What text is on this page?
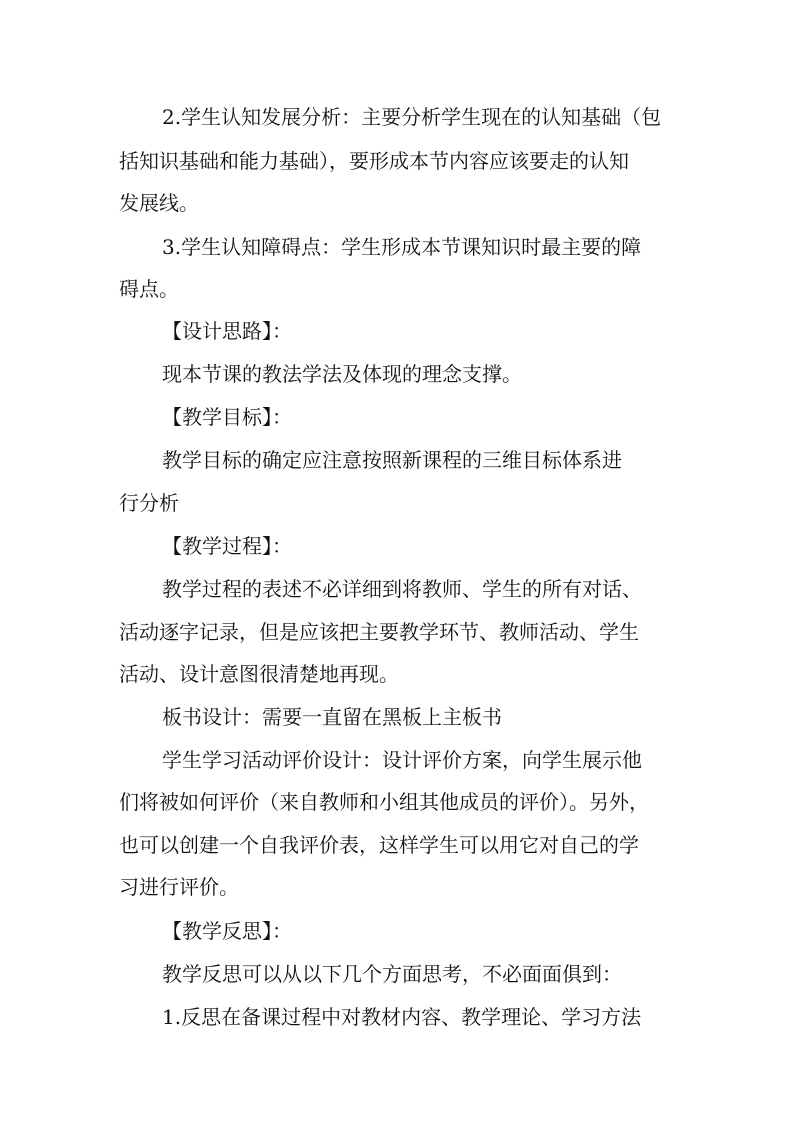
2.学生认知发展分析：主要分析学生现在的认知基础（包
括知识基础和能力基础），要形成本节内容应该要走的认知
发展线。
3.学生认知障碍点：学生形成本节课知识时最主要的障
碍点。
【设计思路】：
现本节课的教法学法及体现的理念支撑。
【教学目标】：
教学目标的确定应注意按照新课程的三维目标体系进
行分析
【教学过程】：
教学过程的表述不必详细到将教师、学生的所有对话、
活动逐字记录，但是应该把主要教学环节、教师活动、学生
活动、设计意图很清楚地再现。
板书设计：需要一直留在黑板上主板书
学生学习活动评价设计：设计评价方案，向学生展示他
们将被如何评价（来自教师和小组其他成员的评价）。另外，
也可以创建一个自我评价表，这样学生可以用它对自己的学
习进行评价。
【教学反思】：
教学反思可以从以下几个方面思考，不必面面俱到：
1.反思在备课过程中对教材内容、教学理论、学习方法
